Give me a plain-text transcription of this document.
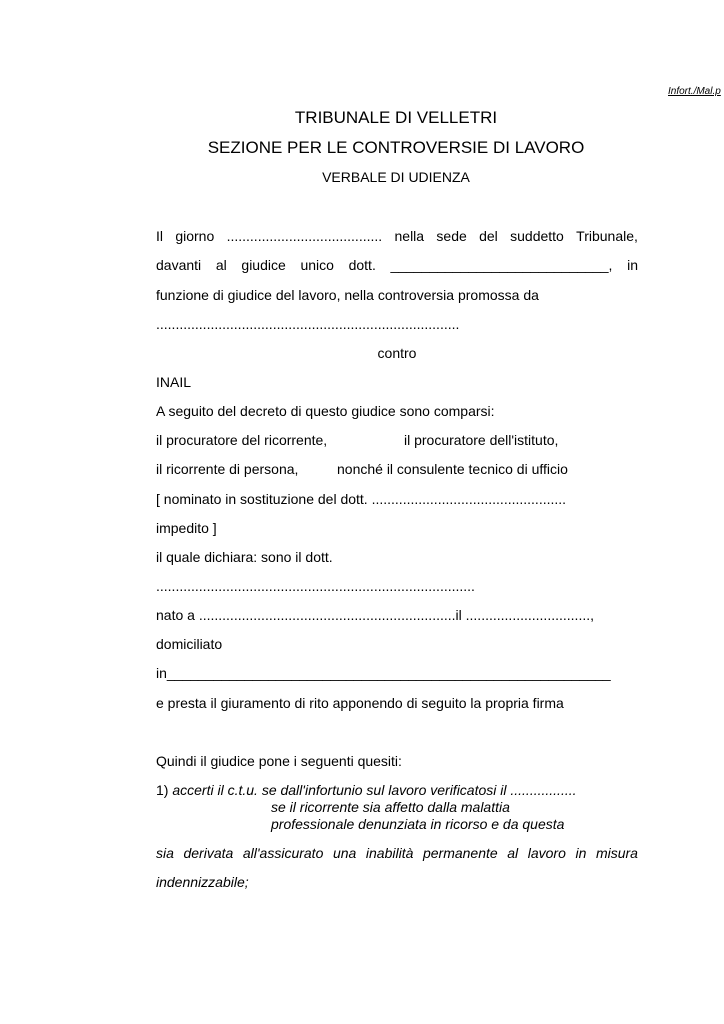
Infort./Mal.p
TRIBUNALE DI VELLETRI
SEZIONE PER LE CONTROVERSIE DI LAVORO
VERBALE DI UDIENZA
Il giorno ........................................ nella sede del suddetto Tribunale,
davanti al giudice unico dott. ____________________________, in
funzione di giudice del lavoro, nella controversia promossa da
..............................................................................
contro
INAIL
A seguito del decreto di questo giudice sono comparsi:
il procuratore del ricorrente,	il procuratore dell'istituto,
il ricorrente di persona,	nonché il consulente tecnico di ufficio
[ nominato in sostituzione del dott. ..................................................
impedito ]
il quale dichiara: sono il dott.
..................................................................................
nato a ..................................................................il ................................,
domiciliato
in_________________________________________________________
e presta il giuramento di rito apponendo di seguito la propria firma
Quindi il giudice pone i seguenti quesiti:
1) accerti il c.t.u. se dall'infortunio sul lavoro verificatosi il .................
se il ricorrente sia affetto dalla malattia
professionale denunziata in ricorso e da questa
sia derivata all'assicurato una inabilità permanente al lavoro in misura
indennizzabile;
